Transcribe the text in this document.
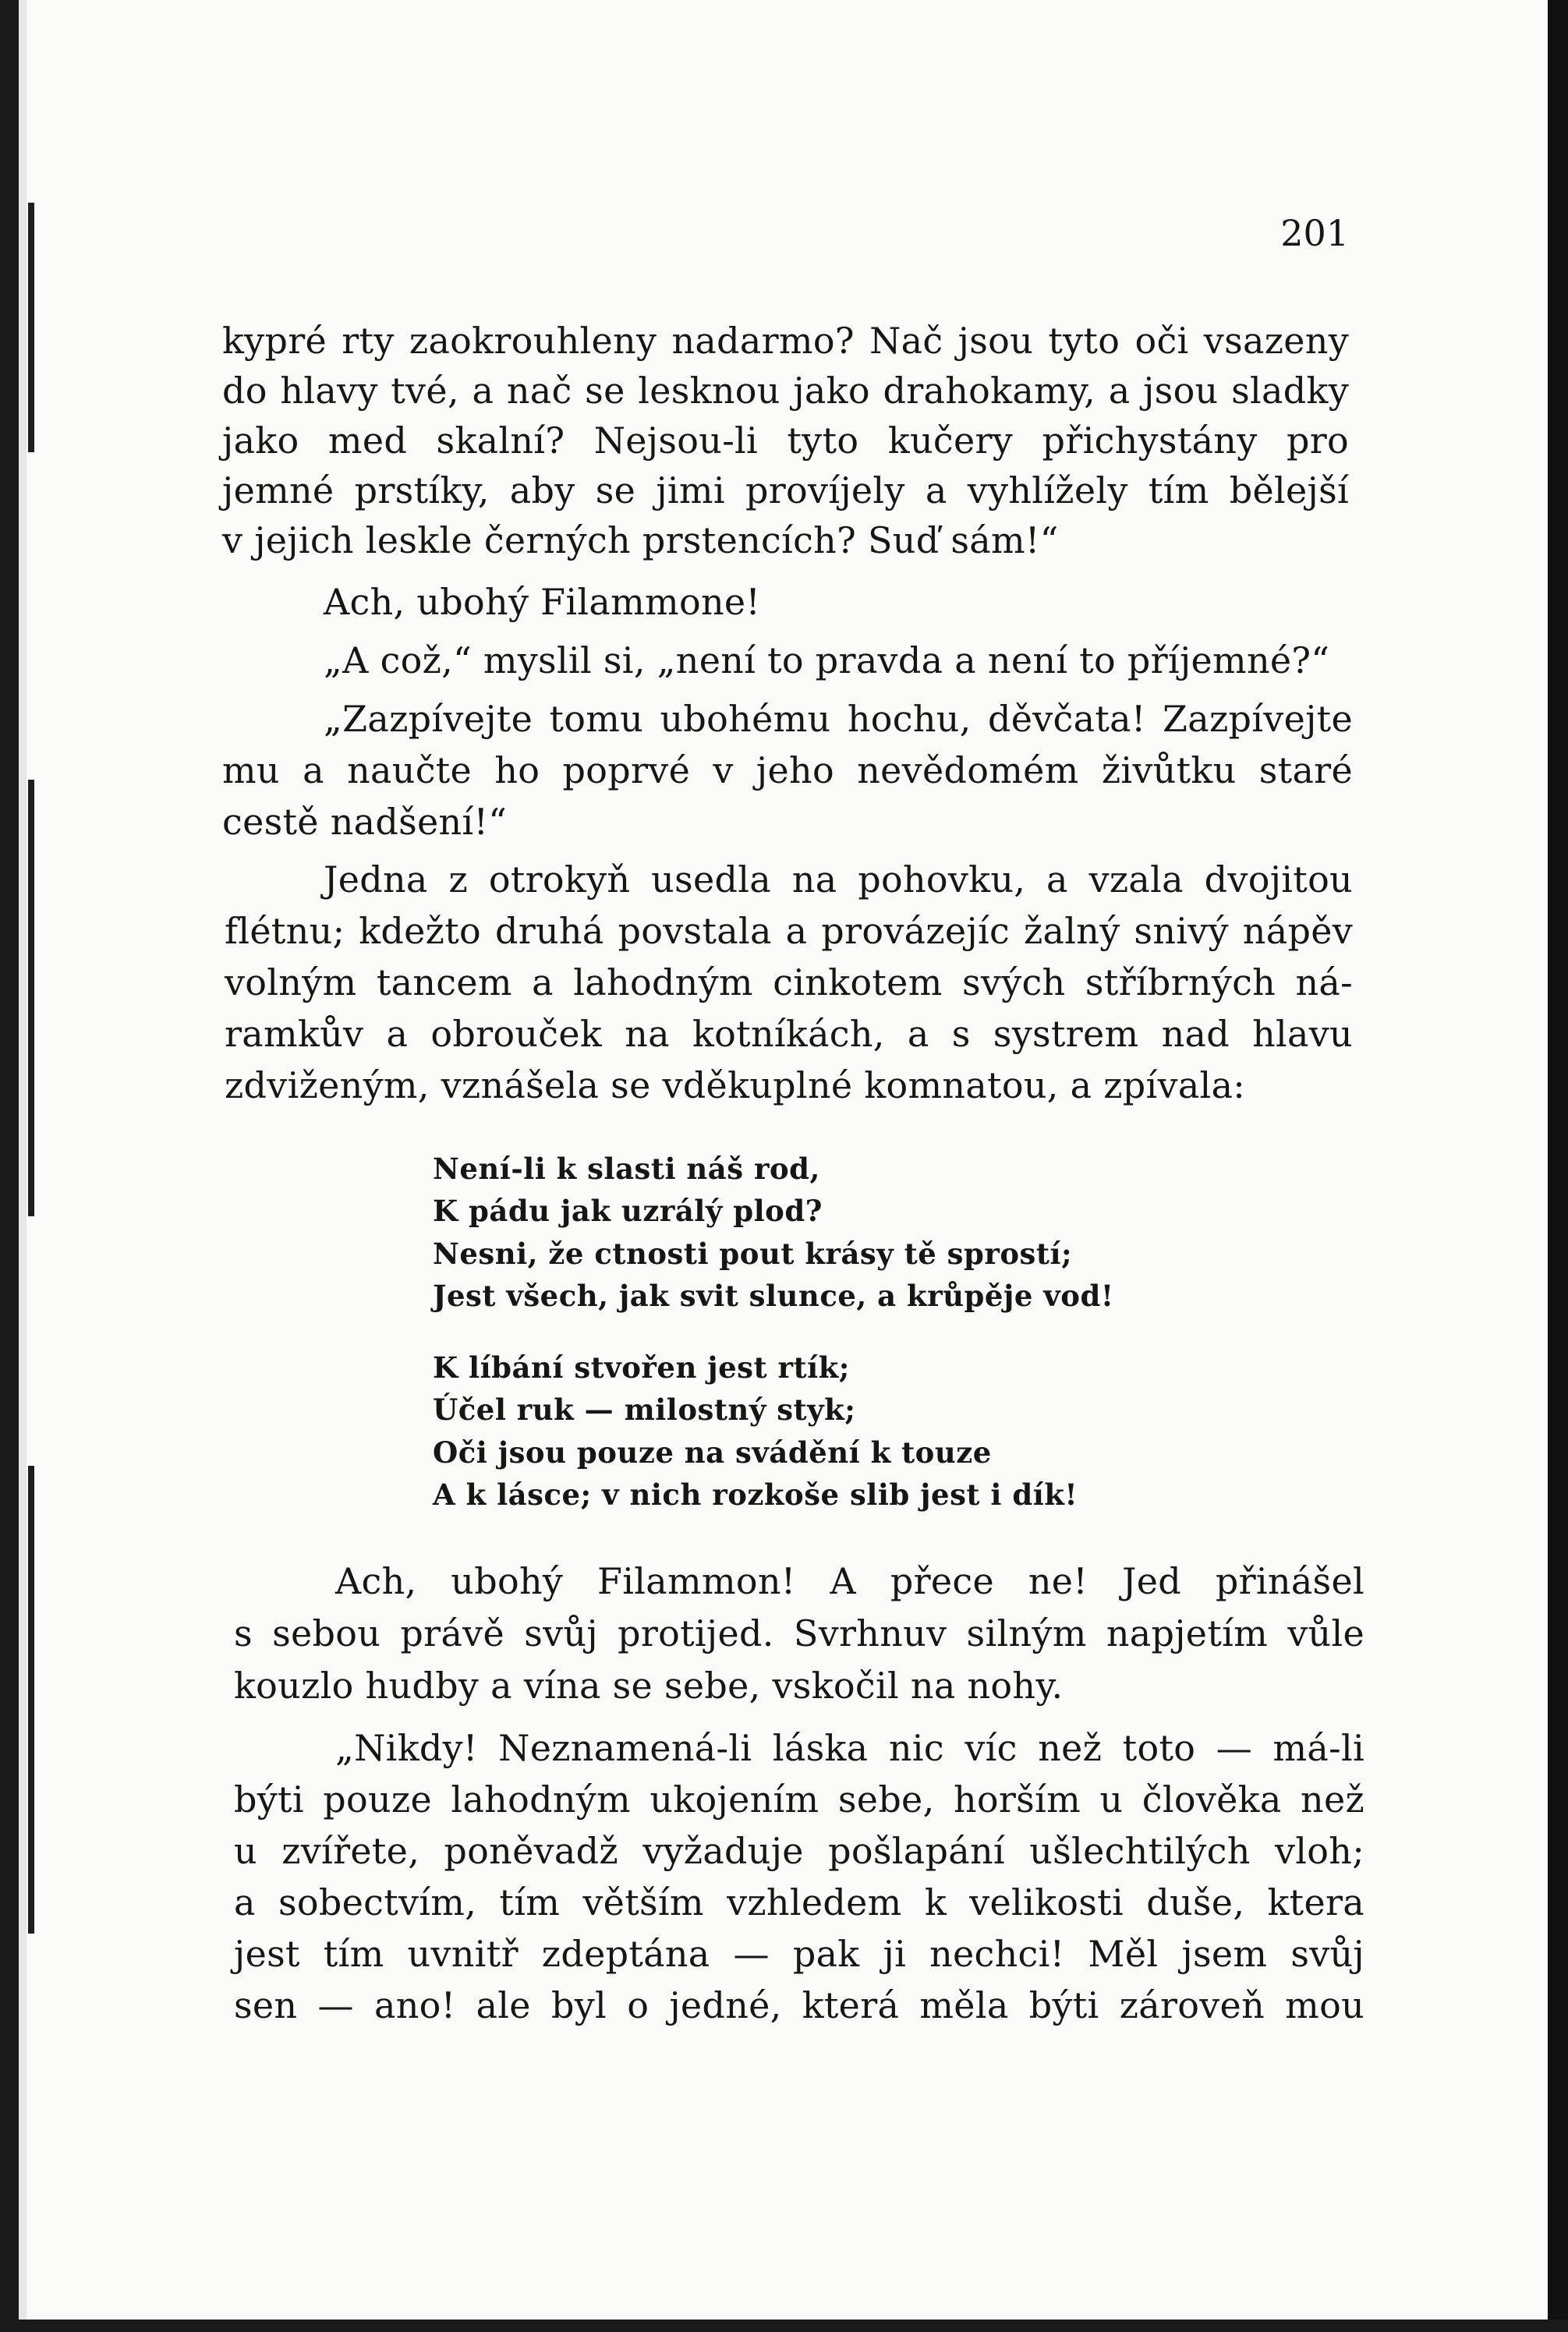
201
kypré rty zaokrouhleny nadarmo? Nač jsou tyto oči vsazeny
do hlavy tvé, a nač se lesknou jako drahokamy, a jsou sladky
jako med skalní? Nejsou-li tyto kučery přichystány pro
jemné prstíky, aby se jimi províjely a vyhlížely tím bělejší
v jejich leskle černých prstencích? Suď sám!“
Ach, ubohý Filammone!
„A což,“ myslil si, „není to pravda a není to příjemné?“
„Zazpívejte tomu ubohému hochu, děvčata! Zazpívejte
mu a naučte ho poprvé v jeho nevědomém živůtku staré
cestě nadšení!“
Jedna z otrokyň usedla na pohovku, a vzala dvojitou
flétnu; kdežto druhá povstala a provázejíc žalný snivý nápěv
volným tancem a lahodným cinkotem svých stříbrných ná-
ramkův a obrouček na kotníkách, a s systrem nad hlavu
zdviženým, vznášela se vděkuplné komnatou, a zpívala:
Není-li k slasti náš rod,
K pádu jak uzrálý plod?
Nesni, že ctnosti pout krásy tě sprostí;
Jest všech, jak svit slunce, a krůpěje vod!
K líbání stvořen jest rtík;
Účel ruk — milostný styk;
Oči jsou pouze na svádění k touze
A k lásce; v nich rozkoše slib jest i dík!
Ach, ubohý Filammon! A přece ne! Jed přinášel
s sebou právě svůj protijed. Svrhnuv silným napjetím vůle
kouzlo hudby a vína se sebe, vskočil na nohy.
„Nikdy! Neznamená-li láska nic víc než toto — má-li
býti pouze lahodným ukojením sebe, horším u člověka než
u zvířete, poněvadž vyžaduje pošlapání ušlechtilých vloh;
a sobectvím, tím větším vzhledem k velikosti duše, ktera
jest tím uvnitř zdeptána — pak ji nechci! Měl jsem svůj
sen — ano! ale byl o jedné, která měla býti zároveň mou
